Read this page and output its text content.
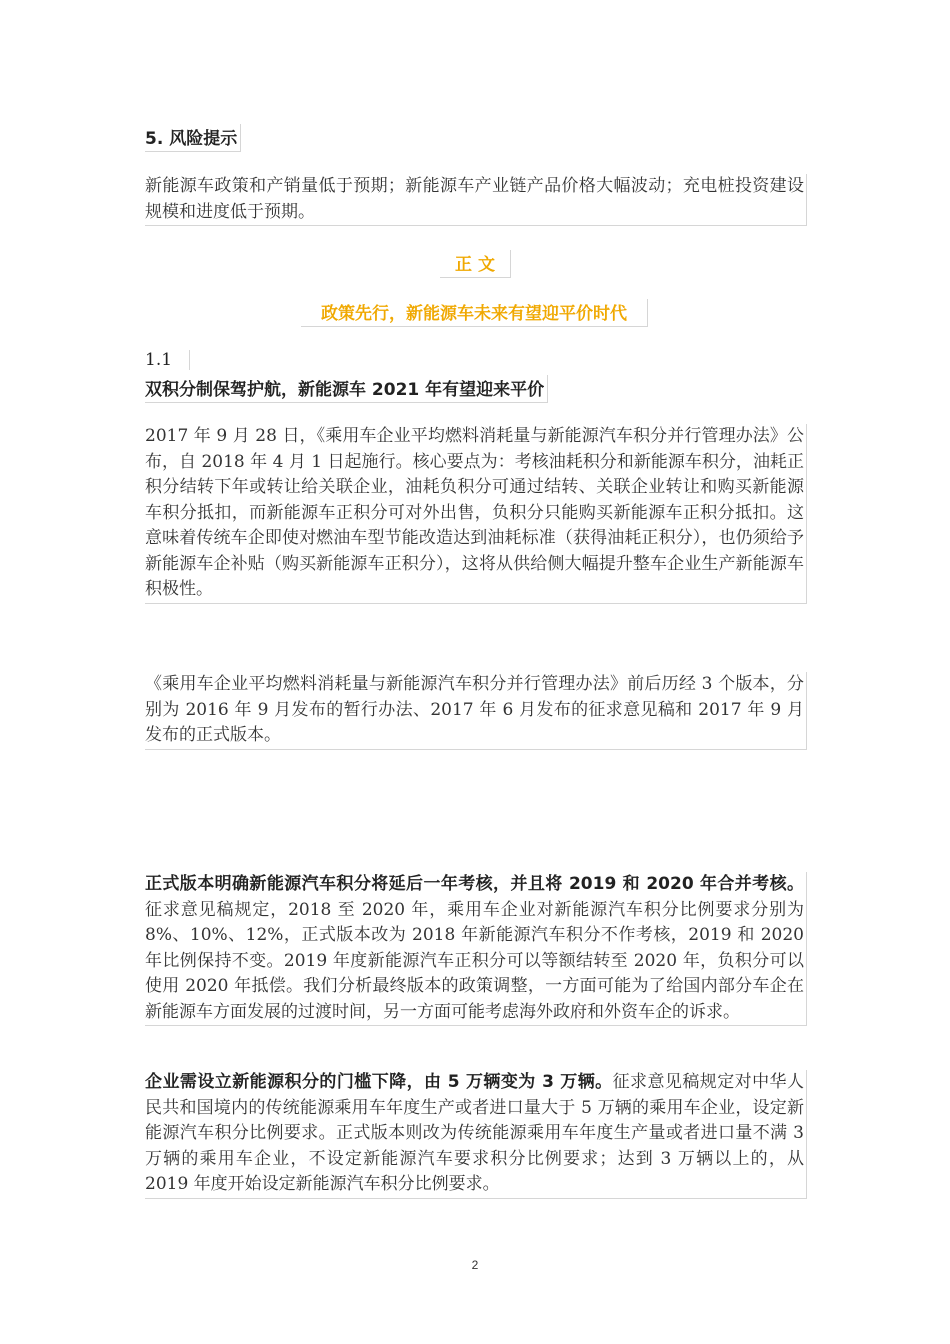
5. 风险提示
新能源车政策和产销量低于预期；新能源车产业链产品价格大幅波动；充电桩投资建设规模和进度低于预期。
正 文
政策先行，新能源车未来有望迎平价时代
1.1
双积分制保驾护航，新能源车 2021 年有望迎来平价
2017 年 9 月 28 日，《乘用车企业平均燃料消耗量与新能源汽车积分并行管理办法》公布，自 2018 年 4 月 1 日起施行。核心要点为：考核油耗积分和新能源车积分，油耗正积分结转下年或转让给关联企业，油耗负积分可通过结转、关联企业转让和购买新能源车积分抵扣，而新能源车正积分可对外出售，负积分只能购买新能源车正积分抵扣。这意味着传统车企即使对燃油车型节能改造达到油耗标准（获得油耗正积分），也仍须给予新能源车企补贴（购买新能源车正积分），这将从供给侧大幅提升整车企业生产新能源车积极性。
《乘用车企业平均燃料消耗量与新能源汽车积分并行管理办法》前后历经 3 个版本，分别为 2016 年 9 月发布的暂行办法、2017 年 6 月发布的征求意见稿和 2017 年 9 月发布的正式版本。
正式版本明确新能源汽车积分将延后一年考核，并且将 2019 和 2020 年合并考核。征求意见稿规定，2018 至 2020 年，乘用车企业对新能源汽车积分比例要求分别为 8%、10%、12%，正式版本改为 2018 年新能源汽车积分不作考核，2019 和 2020 年比例保持不变。2019 年度新能源汽车正积分可以等额结转至 2020 年，负积分可以使用 2020 年抵偿。我们分析最终版本的政策调整，一方面可能为了给国内部分车企在新能源车方面发展的过渡时间，另一方面可能考虑海外政府和外资车企的诉求。
企业需设立新能源积分的门槛下降，由 5 万辆变为 3 万辆。征求意见稿规定对中华人民共和国境内的传统能源乘用车年度生产或者进口量大于 5 万辆的乘用车企业，设定新能源汽车积分比例要求。正式版本则改为传统能源乘用车年度生产量或者进口量不满 3 万辆的乘用车企业，不设定新能源汽车要求积分比例要求；达到 3 万辆以上的，从 2019 年度开始设定新能源汽车积分比例要求。
2
